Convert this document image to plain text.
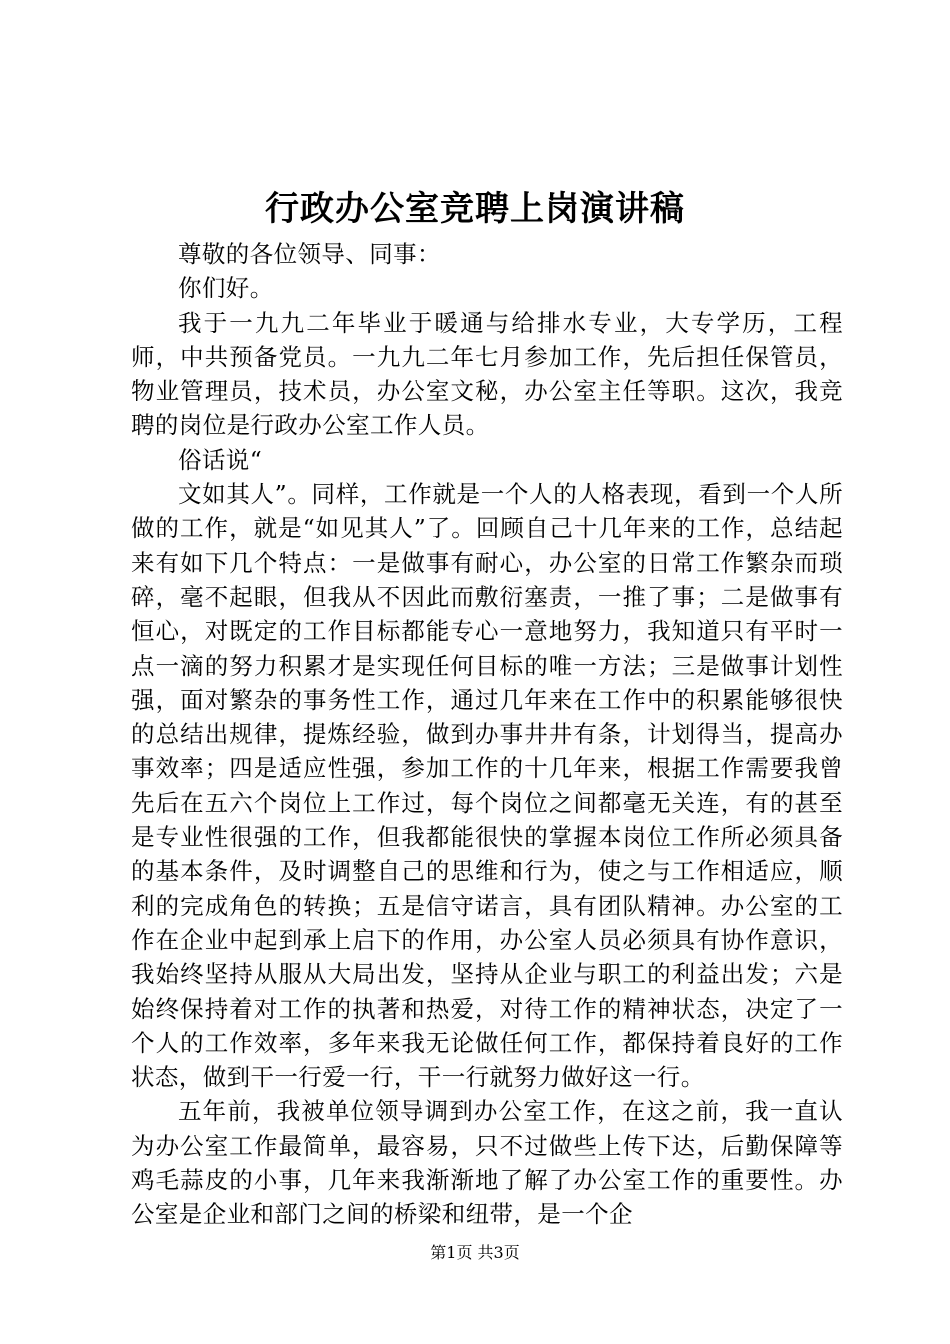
行政办公室竞聘上岗演讲稿

尊敬的各位领导、同事：

你们好。

我于一九九二年毕业于暖通与给排水专业，大专学历，工程师，中共预备党员。一九九二年七月参加工作，先后担任保管员，物业管理员，技术员，办公室文秘，办公室主任等职。这次，我竞聘的岗位是行政办公室工作人员。

俗话说“

文如其人”。同样，工作就是一个人的人格表现，看到一个人所做的工作，就是“如见其人”了。回顾自己十几年来的工作，总结起来有如下几个特点：一是做事有耐心，办公室的日常工作繁杂而琐碎，毫不起眼，但我从不因此而敷衍塞责，一推了事；二是做事有恒心，对既定的工作目标都能专心一意地努力，我知道只有平时一点一滴的努力积累才是实现任何目标的唯一方法；三是做事计划性强，面对繁杂的事务性工作，通过几年来在工作中的积累能够很快的总结出规律，提炼经验，做到办事井井有条，计划得当，提高办事效率；四是适应性强，参加工作的十几年来，根据工作需要我曾先后在五六个岗位上工作过，每个岗位之间都毫无关连，有的甚至是专业性很强的工作，但我都能很快的掌握本岗位工作所必须具备的基本条件，及时调整自己的思维和行为，使之与工作相适应，顺利的完成角色的转换；五是信守诺言，具有团队精神。办公室的工作在企业中起到承上启下的作用，办公室人员必须具有协作意识，我始终坚持从服从大局出发，坚持从企业与职工的利益出发；六是始终保持着对工作的执著和热爱，对待工作的精神状态，决定了一个人的工作效率，多年来我无论做任何工作，都保持着良好的工作状态，做到干一行爱一行，干一行就努力做好这一行。

五年前，我被单位领导调到办公室工作，在这之前，我一直认为办公室工作最简单，最容易，只不过做些上传下达，后勤保障等鸡毛蒜皮的小事，几年来我渐渐地了解了办公室工作的重要性。办公室是企业和部门之间的桥梁和纽带，是一个企

第1页 共3页
